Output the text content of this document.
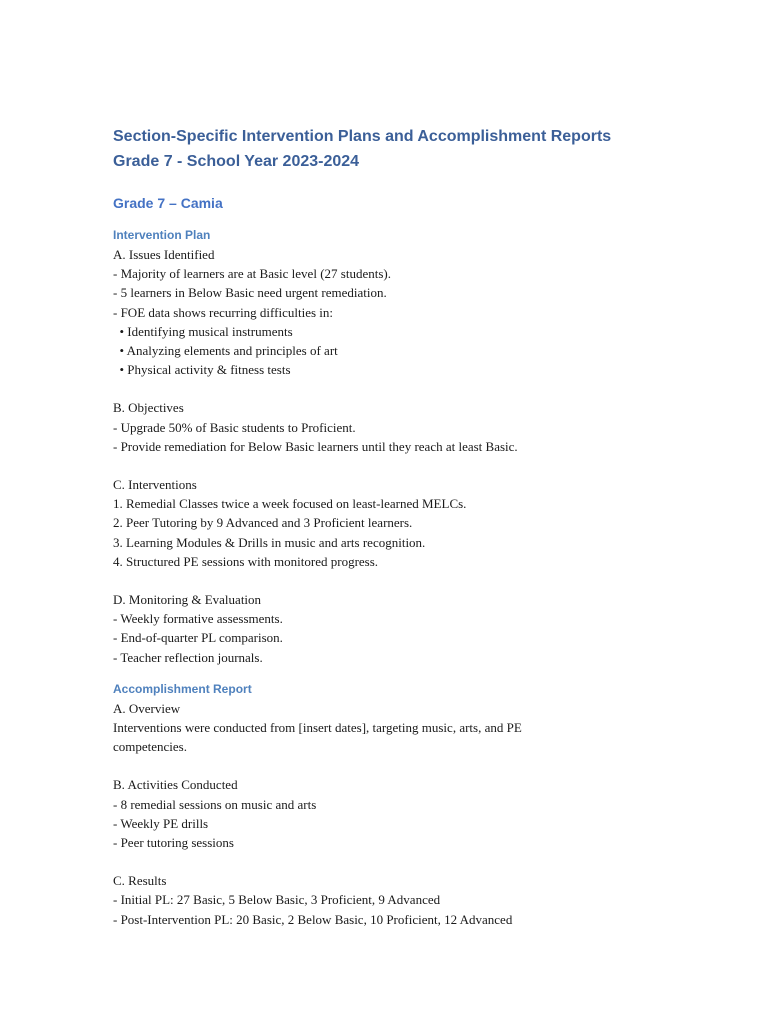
Section-Specific Intervention Plans and Accomplishment Reports
Grade 7 - School Year 2023-2024
Grade 7 – Camia
Intervention Plan
A. Issues Identified
- Majority of learners are at Basic level (27 students).
- 5 learners in Below Basic need urgent remediation.
- FOE data shows recurring difficulties in:
• Identifying musical instruments
• Analyzing elements and principles of art
• Physical activity & fitness tests
B. Objectives
- Upgrade 50% of Basic students to Proficient.
- Provide remediation for Below Basic learners until they reach at least Basic.
C. Interventions
1. Remedial Classes twice a week focused on least-learned MELCs.
2. Peer Tutoring by 9 Advanced and 3 Proficient learners.
3. Learning Modules & Drills in music and arts recognition.
4. Structured PE sessions with monitored progress.
D. Monitoring & Evaluation
- Weekly formative assessments.
- End-of-quarter PL comparison.
- Teacher reflection journals.
Accomplishment Report
A. Overview
Interventions were conducted from [insert dates], targeting music, arts, and PE competencies.
B. Activities Conducted
- 8 remedial sessions on music and arts
- Weekly PE drills
- Peer tutoring sessions
C. Results
- Initial PL: 27 Basic, 5 Below Basic, 3 Proficient, 9 Advanced
- Post-Intervention PL: 20 Basic, 2 Below Basic, 10 Proficient, 12 Advanced
